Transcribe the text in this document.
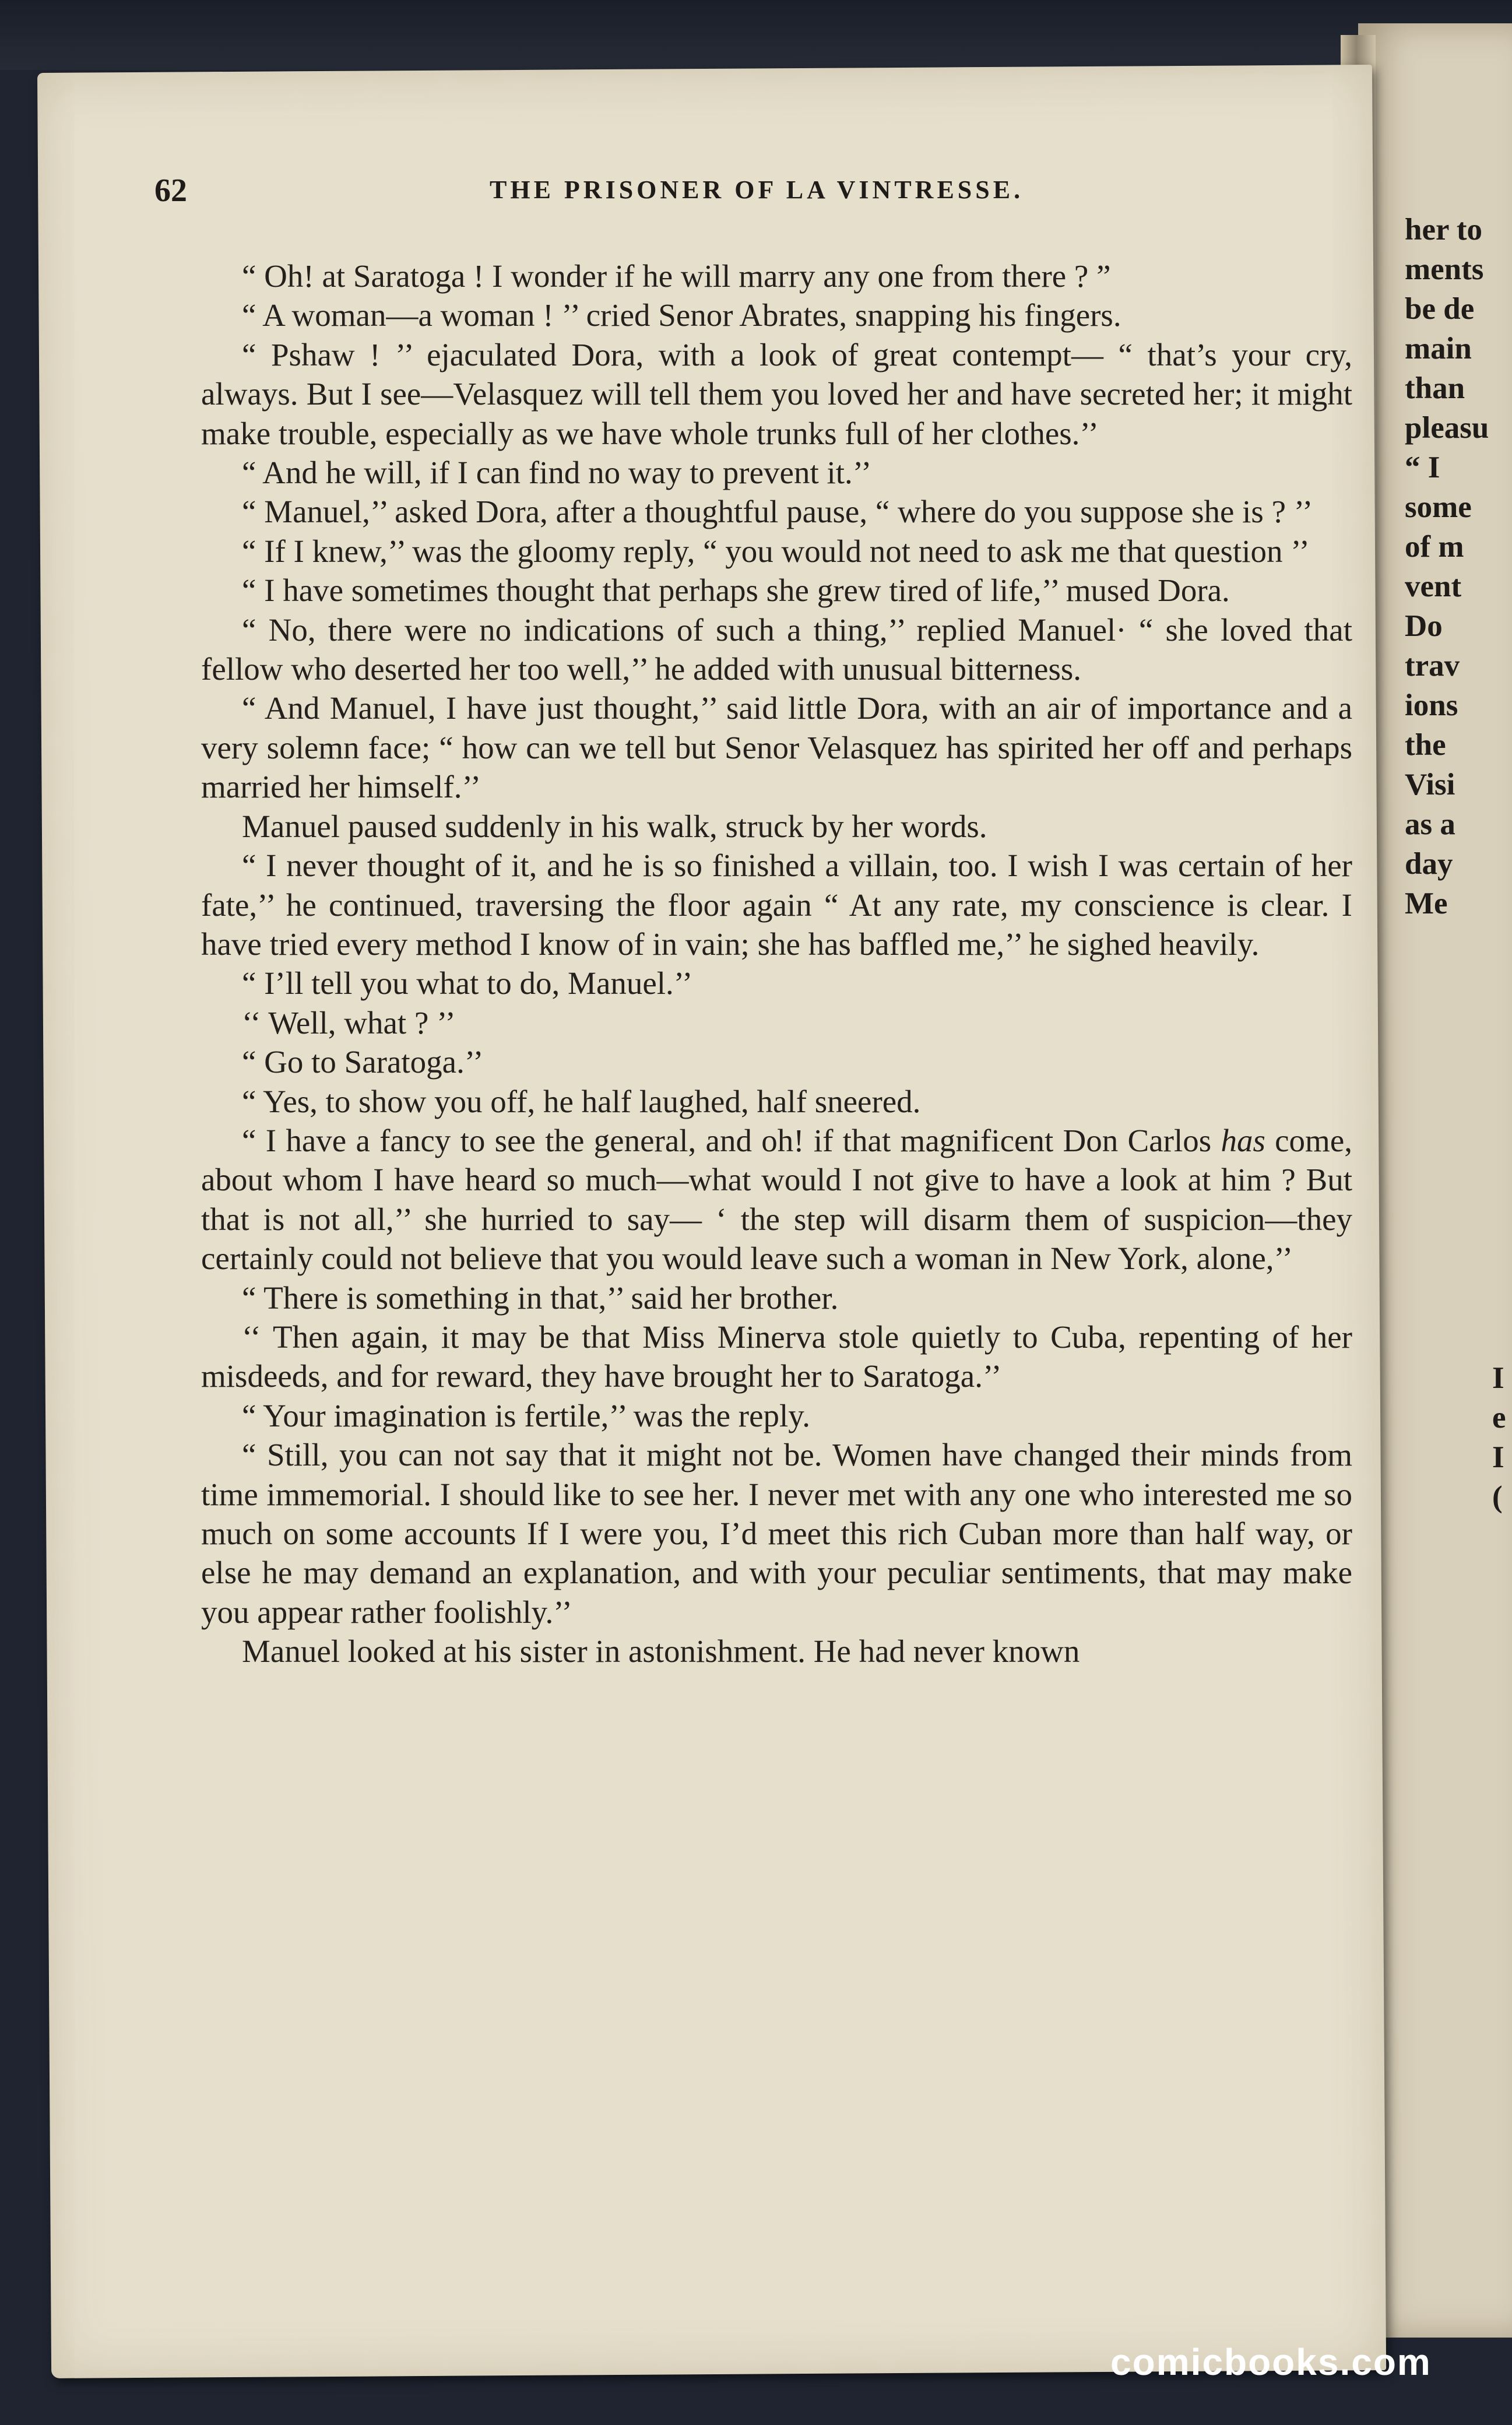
62	THE PRISONER OF LA VINTRESSE.

“ Oh! at Saratoga ! I wonder if he will marry any one from there ? ”

“ A woman—a woman ! ’’ cried Senor Abrates, snapping his fingers.

“ Pshaw ! ’’ ejaculated Dora, with a look of great contempt— “ that’s your cry, always. But I see—Velasquez will tell them you loved her and have secreted her; it might make trouble, especially as we have whole trunks full of her clothes.’’

“ And he will, if I can find no way to prevent it.’’

“ Manuel,’’ asked Dora, after a thoughtful pause, “ where do you suppose she is ? ’’

“ If I knew,’’ was the gloomy reply, “ you would not need to ask me that question ’’

“ I have sometimes thought that perhaps she grew tired of life,’’ mused Dora.

“ No, there were no indications of such a thing,’’ replied Manuel· “ she loved that fellow who deserted her too well,’’ he added with unusual bitterness.

“ And Manuel, I have just thought,’’ said little Dora, with an air of importance and a very solemn face; “ how can we tell but Senor Velasquez has spirited her off and perhaps married her himself.’’

Manuel paused suddenly in his walk, struck by her words.

“ I never thought of it, and he is so finished a villain, too. I wish I was certain of her fate,’’ he continued, traversing the floor again “ At any rate, my conscience is clear. I have tried every method I know of in vain; she has baffled me,’’ he sighed heavily.

“ I’ll tell you what to do, Manuel.’’

‘‘ Well, what ? ’’

“ Go to Saratoga.’’

“ Yes, to show you off, he half laughed, half sneered.

“ I have a fancy to see the general, and oh! if that magnificent Don Carlos has come, about whom I have heard so much—what would I not give to have a look at him ? But that is not all,’’ she hurried to say— ‘ the step will disarm them of suspicion—they certainly could not believe that you would leave such a woman in New York, alone,’’

“ There is something in that,’’ said her brother.

‘‘ Then again, it may be that Miss Minerva stole quietly to Cuba, repenting of her misdeeds, and for reward, they have brought her to Saratoga.’’

“ Your imagination is fertile,’’ was the reply.

“ Still, you can not say that it might not be. Women have changed their minds from time immemorial. I should like to see her. I never met with any one who interested me so much on some accounts If I were you, I’d meet this rich Cuban more than half way, or else he may demand an explanation, and with your peculiar sentiments, that may make you appear rather foolishly.’’

Manuel looked at his sister in astonishment. He had never known

her to
ments
be de
main
than
pleasu
“ I
some
of m
vent
Do
trav
ions
the
Visi
as a
day
Me
I
e
I
(
comicbooks.com
